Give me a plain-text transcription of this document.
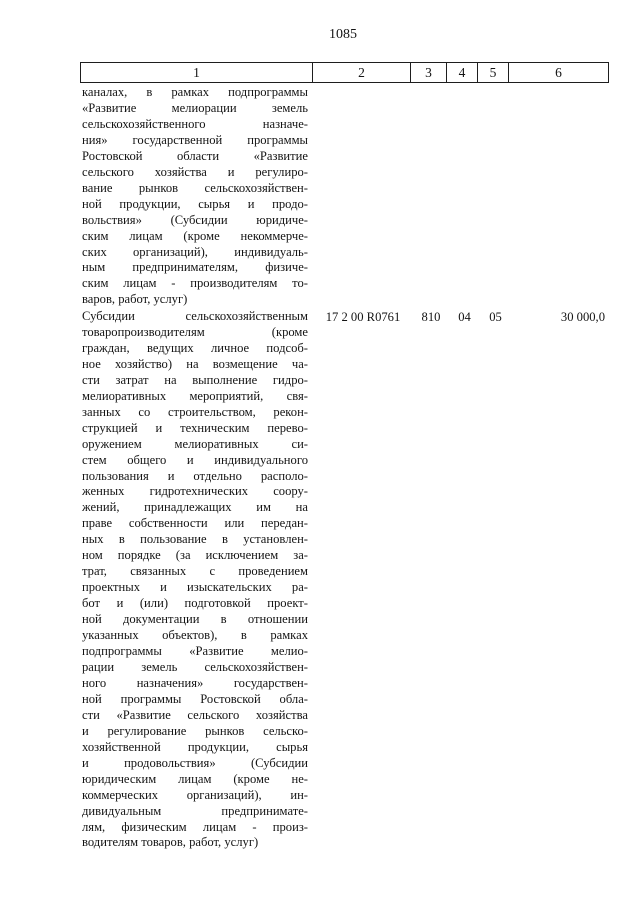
1085
1	2	3	4	5	6
каналах, в рамках подпрограммы
«Развитие мелиорации земель
сельскохозяйственного назначе-
ния» государственной программы
Ростовской области «Развитие
сельского хозяйства и регулиро-
вание рынков сельскохозяйствен-
ной продукции, сырья и продо-
вольствия» (Субсидии юридиче-
ским лицам (кроме некоммерче-
ских организаций), индивидуаль-
ным предпринимателям, физиче-
ским лицам - производителям то-
варов, работ, услуг)
Субсидии сельскохозяйственным
товаропроизводителям (кроме
граждан, ведущих личное подсоб-
ное хозяйство) на возмещение ча-
сти затрат на выполнение гидро-
мелиоративных мероприятий, свя-
занных со строительством, рекон-
струкцией и техническим перево-
оружением мелиоративных си-
стем общего и индивидуального
пользования и отдельно располо-
женных гидротехнических соору-
жений, принадлежащих им на
праве собственности или передан-
ных в пользование в установлен-
ном порядке (за исключением за-
трат, связанных с проведением
проектных и изыскательских ра-
бот и (или) подготовкой проект-
ной документации в отношении
указанных объектов), в рамках
подпрограммы «Развитие мелио-
рации земель сельскохозяйствен-
ного назначения» государствен-
ной программы Ростовской обла-
сти «Развитие сельского хозяйства
и регулирование рынков сельско-
хозяйственной продукции, сырья
и продовольствия» (Субсидии
юридическим лицам (кроме не-
коммерческих организаций), ин-
дивидуальным предпринимате-
лям, физическим лицам - произ-
водителям товаров, работ, услуг)
17 2 00 R0761	810	04	05	30 000,0
